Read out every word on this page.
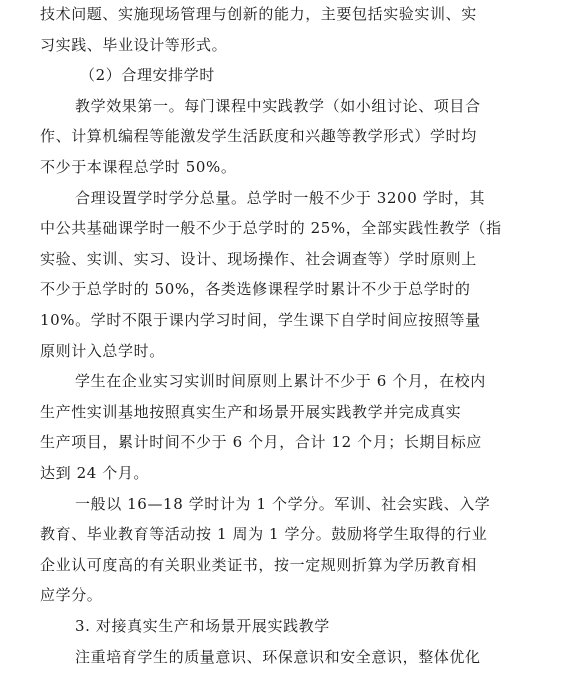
技术问题、实施现场管理与创新的能力，主要包括实验实训、实
习实践、毕业设计等形式。
（2）合理安排学时
教学效果第一。每门课程中实践教学（如小组讨论、项目合
作、计算机编程等能激发学生活跃度和兴趣等教学形式）学时均
不少于本课程总学时 50%。
合理设置学时学分总量。总学时一般不少于 3200 学时，其
中公共基础课学时一般不少于总学时的 25%，全部实践性教学（指
实验、实训、实习、设计、现场操作、社会调查等）学时原则上
不少于总学时的 50%，各类选修课程学时累计不少于总学时的
10%。学时不限于课内学习时间，学生课下自学时间应按照等量
原则计入总学时。
学生在企业实习实训时间原则上累计不少于 6 个月，在校内
生产性实训基地按照真实生产和场景开展实践教学并完成真实
生产项目，累计时间不少于 6 个月，合计 12 个月；长期目标应
达到 24 个月。
一般以 16—18 学时计为 1 个学分。军训、社会实践、入学
教育、毕业教育等活动按 1 周为 1 学分。鼓励将学生取得的行业
企业认可度高的有关职业类证书，按一定规则折算为学历教育相
应学分。
3. 对接真实生产和场景开展实践教学
注重培育学生的质量意识、环保意识和安全意识，整体优化
